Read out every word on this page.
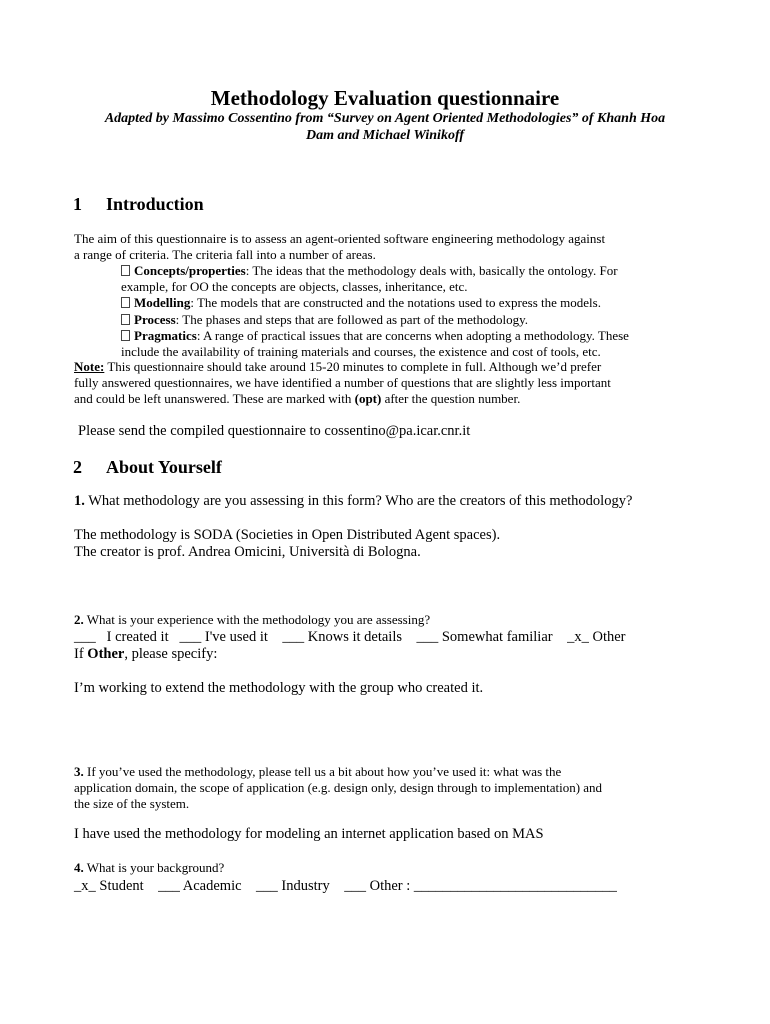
Methodology Evaluation questionnaire
Adapted by Massimo Cossentino from “Survey on Agent Oriented Methodologies” of Khanh Hoa
Dam and Michael Winikoff
1 Introduction
The aim of this questionnaire is to assess an agent-oriented software engineering methodology against
a range of criteria. The criteria fall into a number of areas.
Concepts/properties: The ideas that the methodology deals with, basically the ontology. For
example, for OO the concepts are objects, classes, inheritance, etc.
Modelling: The models that are constructed and the notations used to express the models.
Process: The phases and steps that are followed as part of the methodology.
Pragmatics: A range of practical issues that are concerns when adopting a methodology. These
include the availability of training materials and courses, the existence and cost of tools, etc.
Note: This questionnaire should take around 15-20 minutes to complete in full. Although we’d prefer
fully answered questionnaires, we have identified a number of questions that are slightly less important
and could be left unanswered. These are marked with (opt) after the question number.
Please send the compiled questionnaire to cossentino@pa.icar.cnr.it
2 About Yourself
1. What methodology are you assessing in this form? Who are the creators of this methodology?
The methodology is SODA (Societies in Open Distributed Agent spaces).
The creator is prof. Andrea Omicini, Università di Bologna.
2. What is your experience with the methodology you are assessing?
___   I created it   ___ I've used it    ___ Knows it details    ___ Somewhat familiar    _x_ Other
If Other, please specify:
I’m working to extend the methodology with the group who created it.
3. If you’ve used the methodology, please tell us a bit about how you’ve used it: what was the
application domain, the scope of application (e.g. design only, design through to implementation) and
the size of the system.
I have used the methodology for modeling an internet application based on MAS
4. What is your background?
_x_ Student    ___ Academic    ___ Industry    ___ Other : ____________________________
